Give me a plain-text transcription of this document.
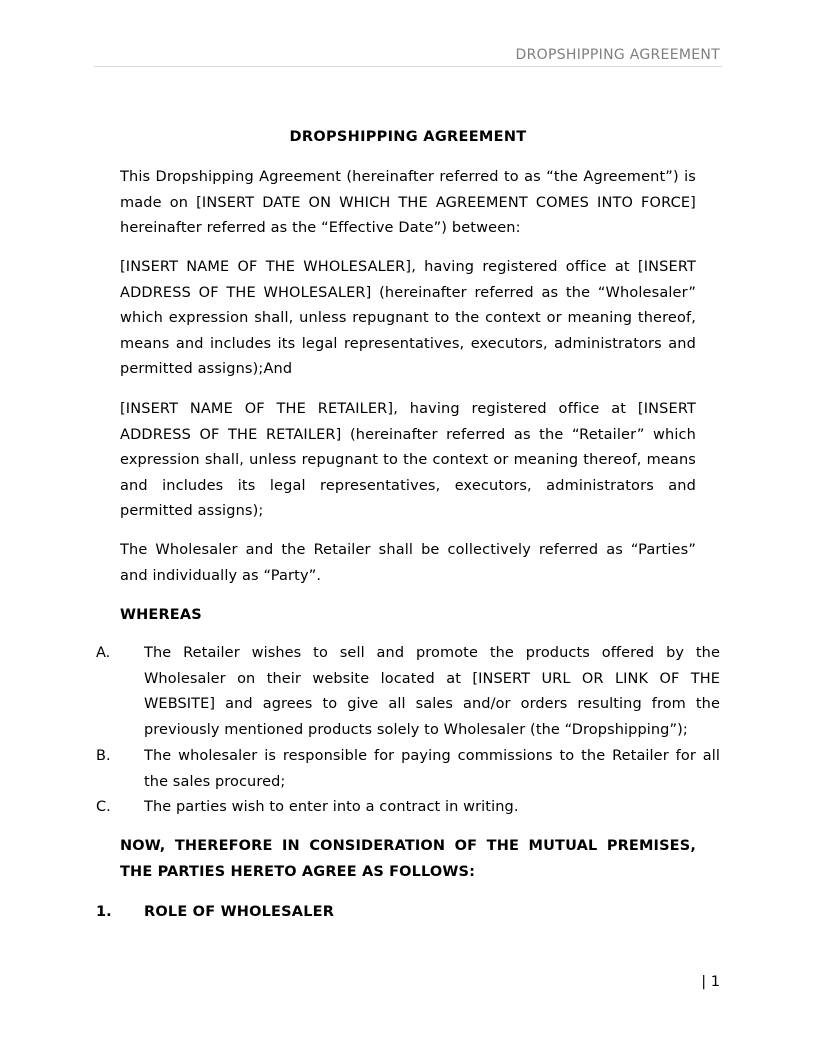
DROPSHIPPING AGREEMENT
DROPSHIPPING AGREEMENT
This Dropshipping Agreement (hereinafter referred to as “the Agreement”) is made on [INSERT DATE ON WHICH THE AGREEMENT COMES INTO FORCE] hereinafter referred as the “Effective Date”) between:
[INSERT NAME OF THE WHOLESALER], having registered office at [INSERT ADDRESS OF THE WHOLESALER] (hereinafter referred as the “Wholesaler” which expression shall, unless repugnant to the context or meaning thereof, means and includes its legal representatives, executors, administrators and permitted assigns);And
[INSERT NAME OF THE RETAILER], having registered office at [INSERT ADDRESS OF THE RETAILER] (hereinafter referred as the “Retailer” which expression shall, unless repugnant to the context or meaning thereof, means and includes its legal representatives, executors, administrators and permitted assigns);
The Wholesaler and the Retailer shall be collectively referred as “Parties” and individually as “Party”.
WHEREAS
A. The Retailer wishes to sell and promote the products offered by the Wholesaler on their website located at [INSERT URL OR LINK OF THE WEBSITE] and agrees to give all sales and/or orders resulting from the previously mentioned products solely to Wholesaler (the “Dropshipping”);
B. The wholesaler is responsible for paying commissions to the Retailer for all the sales procured;
C. The parties wish to enter into a contract in writing.
NOW, THEREFORE IN CONSIDERATION OF THE MUTUAL PREMISES, THE PARTIES HERETO AGREE AS FOLLOWS:
1. ROLE OF WHOLESALER
| 1
